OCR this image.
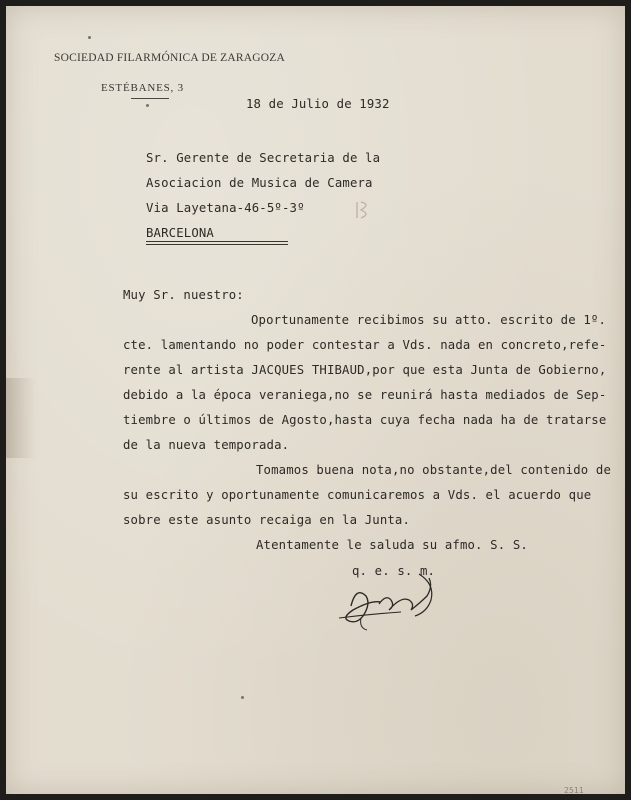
SOCIEDAD FILARMÓNICA DE ZARAGOZA
ESTÉBANES, 3
18 de Julio de 1932
Sr. Gerente de Secretaria de la
Asociacion de Musica de Camera
Via Layetana-46-5º-3º
BARCELONA
Muy Sr. nuestro:
Oportunamente recibimos su atto. escrito de 1º.
cte. lamentando no poder contestar a Vds. nada en concreto,refe-
rente al artista JACQUES THIBAUD,por que esta Junta de Gobierno,
debido a la época veraniega,no se reunirá hasta mediados de Sep-
tiembre o últimos de Agosto,hasta cuya fecha nada ha de tratarse
de la nueva temporada.
Tomamos buena nota,no obstante,del contenido de
su escrito y oportunamente comunicaremos a Vds. el acuerdo que
sobre este asunto recaiga en la Junta.
Atentamente le saluda su afmo. S. S.
q. e. s. m.
2511
